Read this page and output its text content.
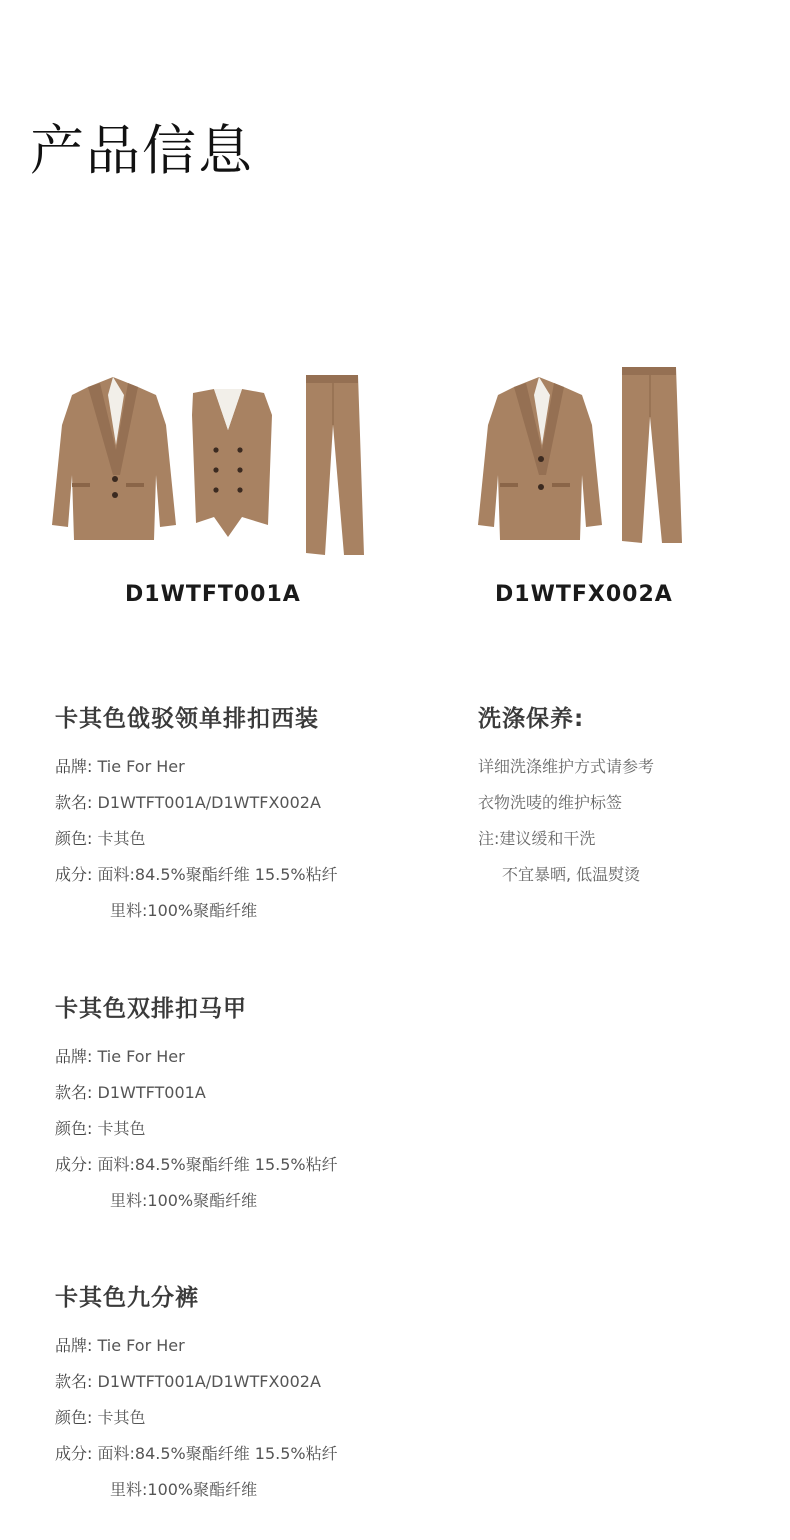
产品信息
D1WTFT001A	D1WTFX002A
卡其色戗驳领单排扣西装
品牌: Tie For Her
款名: D1WTFT001A/D1WTFX002A
颜色: 卡其色
成分: 面料:84.5%聚酯纤维 15.5%粘纤
里料:100%聚酯纤维
洗涤保养:
详细洗涤维护方式请参考
衣物洗唛的维护标签
注:建议缓和干洗
不宜暴晒, 低温熨烫
卡其色双排扣马甲
品牌: Tie For Her
款名: D1WTFT001A
颜色: 卡其色
成分: 面料:84.5%聚酯纤维 15.5%粘纤
里料:100%聚酯纤维
卡其色九分裤
品牌: Tie For Her
款名: D1WTFT001A/D1WTFX002A
颜色: 卡其色
成分: 面料:84.5%聚酯纤维 15.5%粘纤
里料:100%聚酯纤维
